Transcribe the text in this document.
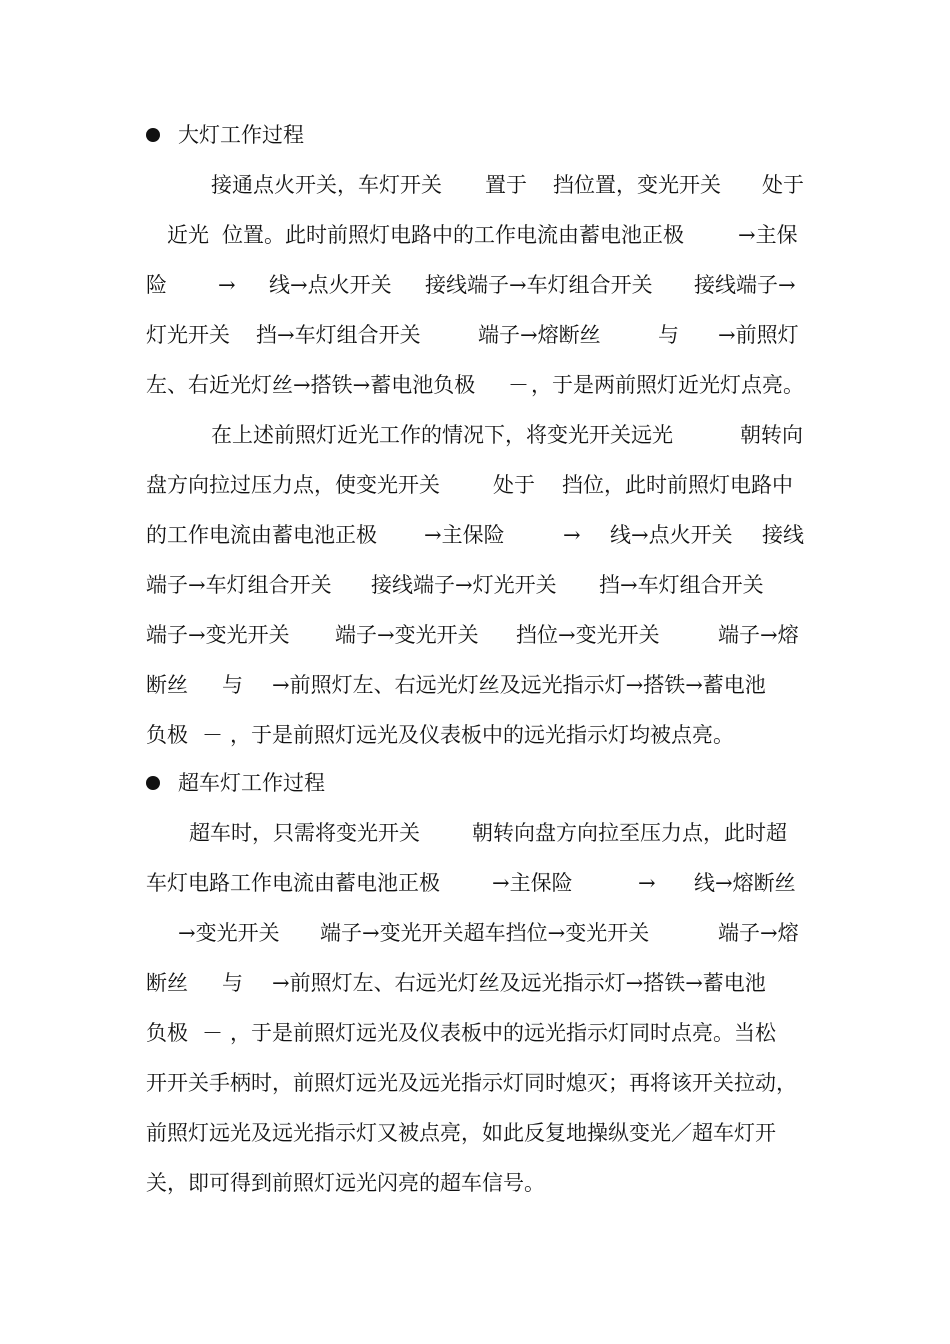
大灯工作过程

接通点火开关，车灯开关

置于

挡位置，变光开关

处于

近光

位置。此时前照灯电路中的工作电流由蓄电池正极

	→主保

险

→

线→点火开关

接线端子→车灯组合开关

接线端子→

灯光开关

挡→车灯组合开关

	端子→熔断丝

	与

→前照灯

左、右近光灯丝→搭铁→蓄电池负极

－

，于是两前照灯近光灯点亮。

在上述前照灯近光工作的情况下，将变光开关远光

	朝转向

盘方向拉过压力点，使变光开关

	处于

挡位，此时前照灯电路中

的工作电流由蓄电池正极

→主保险

	→

线→点火开关

接线

端子→车灯组合开关

接线端子→灯光开关

挡→车灯组合开关

端子→变光开关

端子→变光开关

挡位→变光开关

	端子→熔

断丝

与

→前照灯左、右远光灯丝及远光指示灯→搭铁→蓄电池

负极

－

，于是前照灯远光及仪表板中的远光指示灯均被点亮。

超车灯工作过程

超车时，只需将变光开关

朝转向盘方向拉至压力点，此时超

车灯电路工作电流由蓄电池正极

→主保险

	→

线→熔断丝

→变光开关

端子→变光开关超车挡位→变光开关

	端子→熔

断丝

与

→前照灯左、右远光灯丝及远光指示灯→搭铁→蓄电池

负极

－

，于是前照灯远光及仪表板中的远光指示灯同时点亮。当松

开开关手柄时，前照灯远光及远光指示灯同时熄灭；再将该开关拉动，

前照灯远光及远光指示灯又被点亮，如此反复地操纵变光／超车灯开

关，即可得到前照灯远光闪亮的超车信号。
